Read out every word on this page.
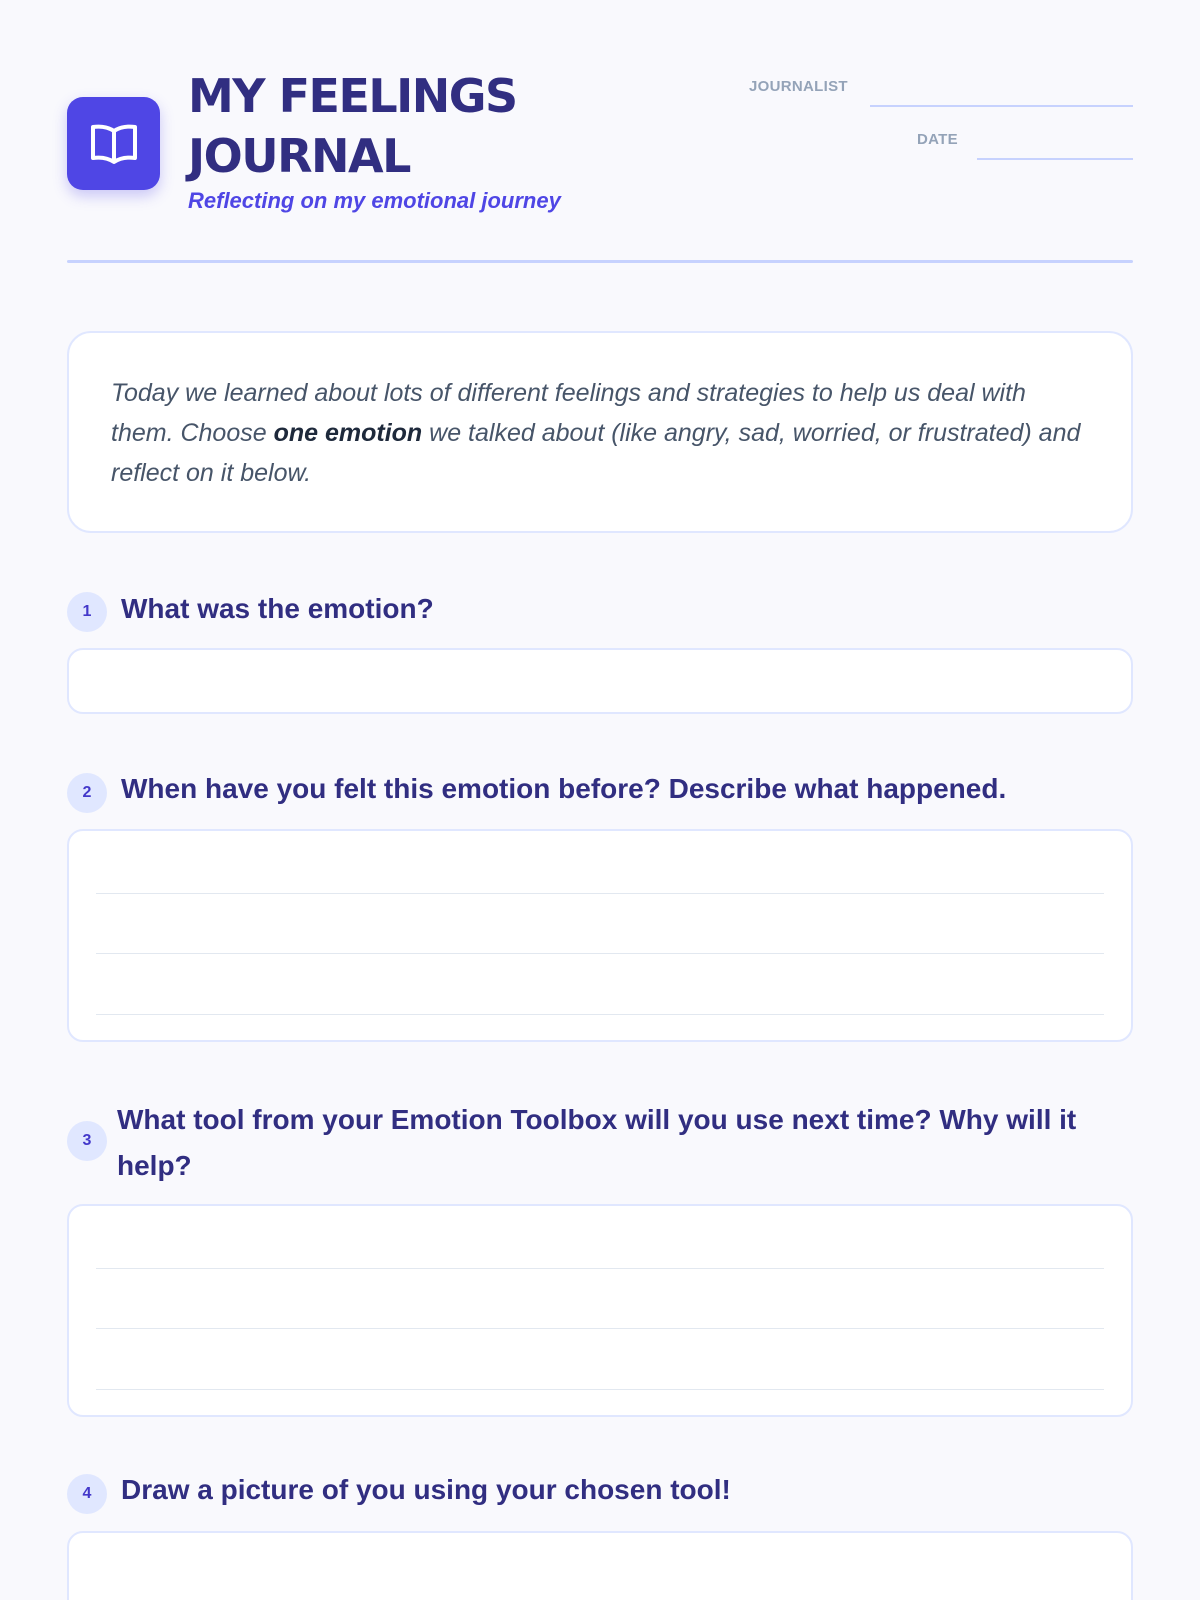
MY FEELINGS
JOURNAL
Reflecting on my emotional journey
JOURNALIST
DATE

Today we learned about lots of different feelings and strategies to help us deal with them. Choose one emotion we talked about (like angry, sad, worried, or frustrated) and reflect on it below.

1	What was the emotion?
2	When have you felt this emotion before? Describe what happened.
3
What tool from your Emotion Toolbox will you use next time? Why will it help?
4	Draw a picture of you using your chosen tool!
